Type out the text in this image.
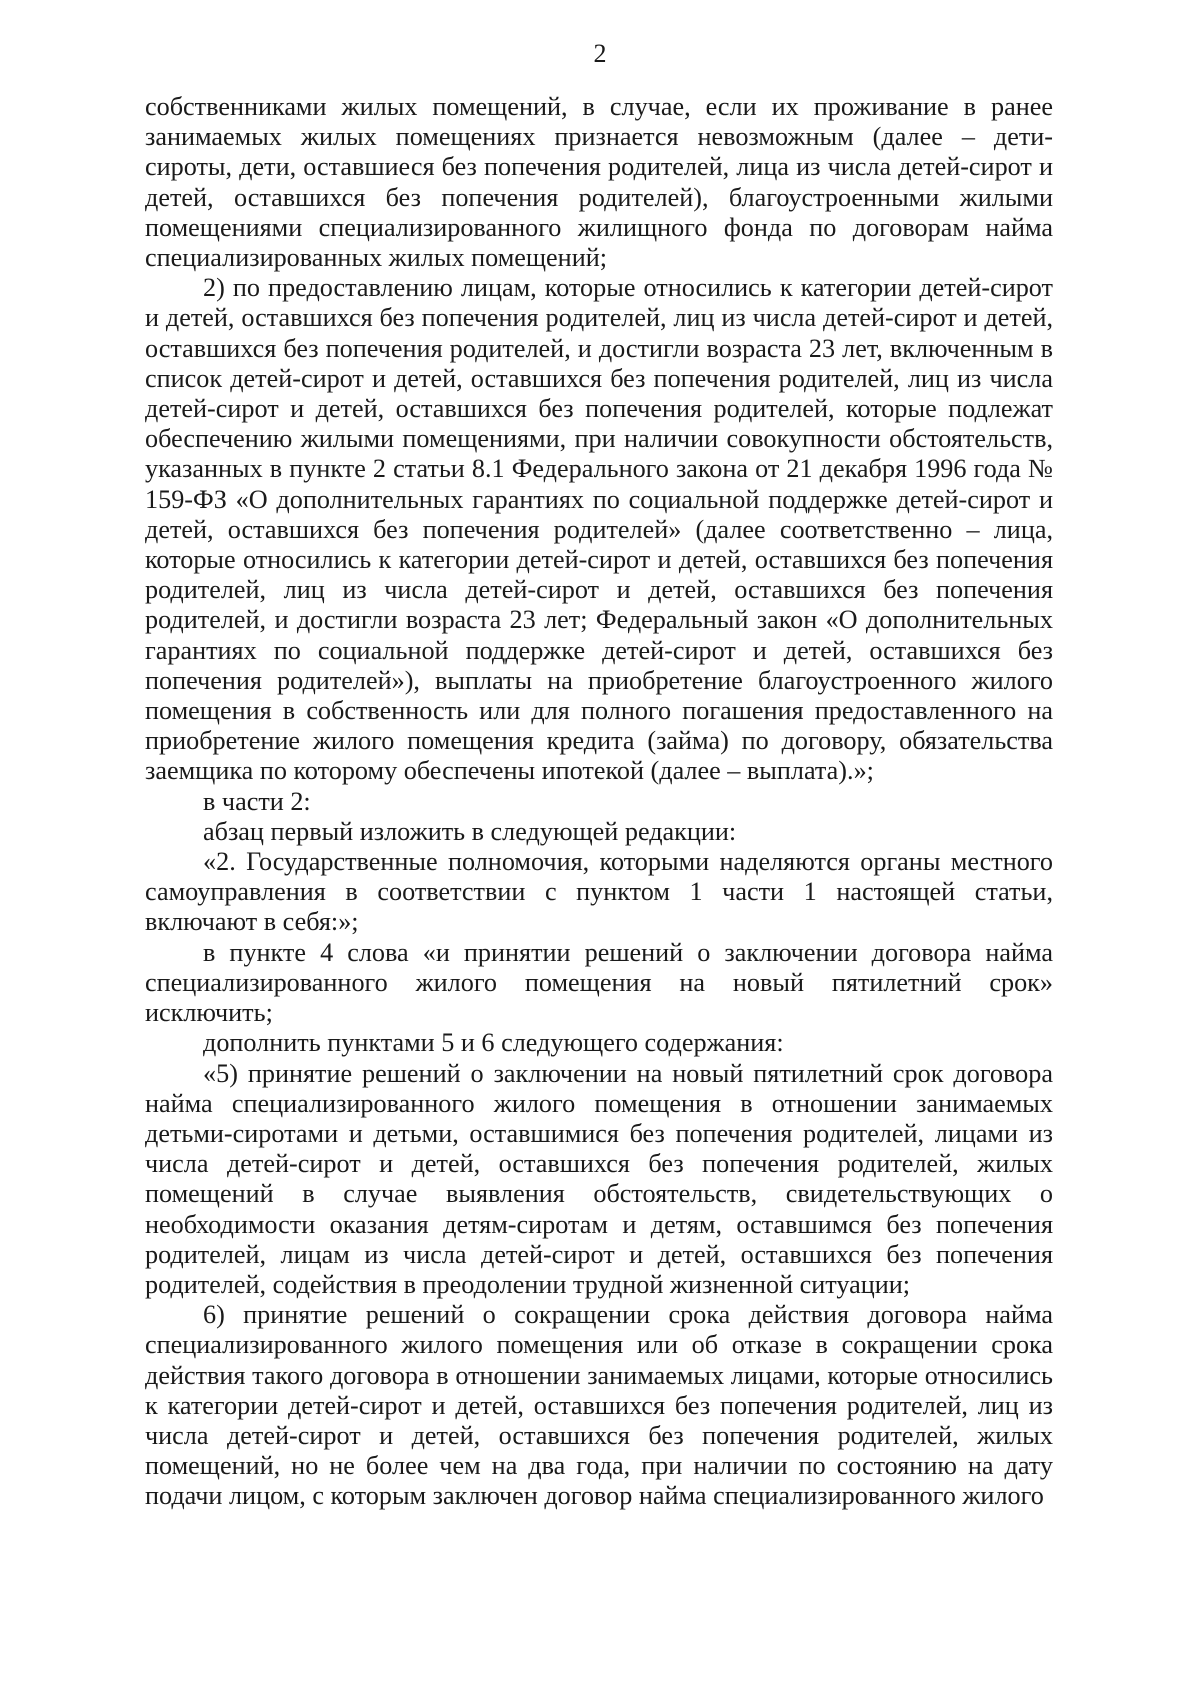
2

собственниками жилых помещений, в случае, если их проживание в ранее занимаемых жилых помещениях признается невозможным (далее – дети-сироты, дети, оставшиеся без попечения родителей, лица из числа детей-сирот и детей, оставшихся без попечения родителей), благоустроенными жилыми помещениями специализированного жилищного фонда по договорам найма специализированных жилых помещений;

2) по предоставлению лицам, которые относились к категории детей-сирот и детей, оставшихся без попечения родителей, лиц из числа детей-сирот и детей, оставшихся без попечения родителей, и достигли возраста 23 лет, включенным в список детей-сирот и детей, оставшихся без попечения родителей, лиц из числа детей-сирот и детей, оставшихся без попечения родителей, которые подлежат обеспечению жилыми помещениями, при наличии совокупности обстоятельств, указанных в пункте 2 статьи 8.1 Федерального закона от 21 декабря 1996 года № 159-ФЗ «О дополнительных гарантиях по социальной поддержке детей-сирот и детей, оставшихся без попечения родителей» (далее соответственно – лица, которые относились к категории детей-сирот и детей, оставшихся без попечения родителей, лиц из числа детей-сирот и детей, оставшихся без попечения родителей, и достигли возраста 23 лет; Федеральный закон «О дополнительных гарантиях по социальной поддержке детей-сирот и детей, оставшихся без попечения родителей»), выплаты на приобретение благоустроенного жилого помещения в собственность или для полного погашения предоставленного на приобретение жилого помещения кредита (займа) по договору, обязательства заемщика по которому обеспечены ипотекой (далее – выплата).»;

в части 2:

абзац первый изложить в следующей редакции:

«2. Государственные полномочия, которыми наделяются органы местного самоуправления в соответствии с пунктом 1 части 1 настоящей статьи, включают в себя:»;

в пункте 4 слова «и принятии решений о заключении договора найма специализированного жилого помещения на новый пятилетний срок» исключить;

дополнить пунктами 5 и 6 следующего содержания:

«5) принятие решений о заключении на новый пятилетний срок договора найма специализированного жилого помещения в отношении занимаемых детьми-сиротами и детьми, оставшимися без попечения родителей, лицами из числа детей-сирот и детей, оставшихся без попечения родителей, жилых помещений в случае выявления обстоятельств, свидетельствующих о необходимости оказания детям-сиротам и детям, оставшимся без попечения родителей, лицам из числа детей-сирот и детей, оставшихся без попечения родителей, содействия в преодолении трудной жизненной ситуации;

6) принятие решений о сокращении срока действия договора найма специализированного жилого помещения или об отказе в сокращении срока действия такого договора в отношении занимаемых лицами, которые относились к категории детей-сирот и детей, оставшихся без попечения родителей, лиц из числа детей-сирот и детей, оставшихся без попечения родителей, жилых помещений, но не более чем на два года, при наличии по состоянию на дату подачи лицом, с которым заключен договор найма специализированного жилого
